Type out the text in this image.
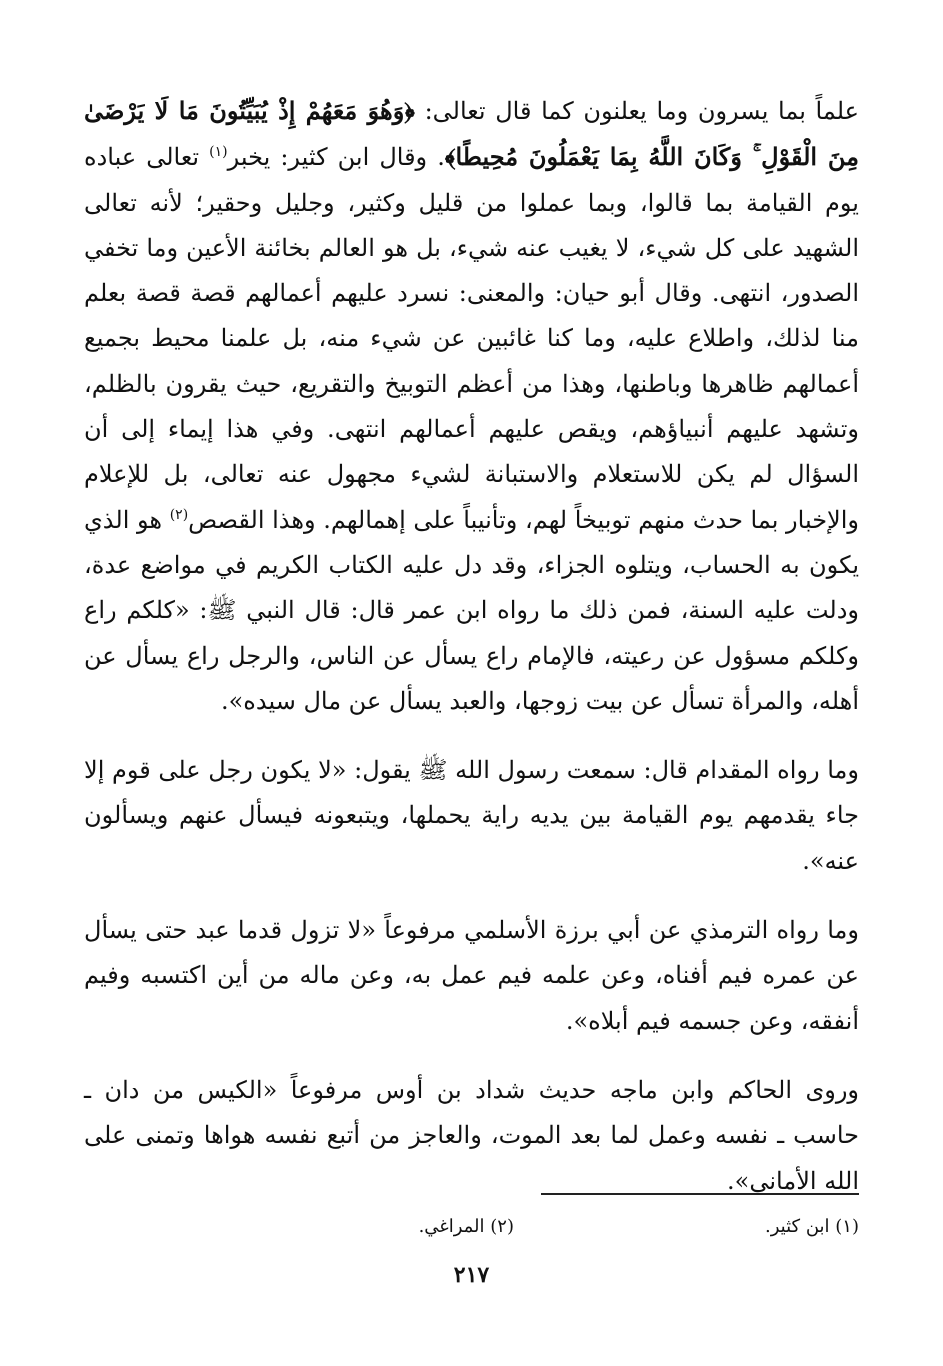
علماً بما يسرون وما يعلنون كما قال تعالى: ﴿وَهُوَ مَعَهُمْ إِذْ يُبَيِّتُونَ مَا لَا يَرْضَىٰ مِنَ الْقَوْلِ ۚ وَكَانَ اللَّهُ بِمَا يَعْمَلُونَ مُحِيطًا﴾. وقال ابن كثير: يخبر$^{(١)}$ تعالى عباده يوم القيامة بما قالوا، وبما عملوا من قليل وكثير، وجليل وحقير؛ لأنه تعالى الشهيد على كل شيء، لا يغيب عنه شيء، بل هو العالم بخائنة الأعين وما تخفي الصدور، انتهى. وقال أبو حيان: والمعنى: نسرد عليهم أعمالهم قصة قصة بعلم منا لذلك، واطلاع عليه، وما كنا غائبين عن شيء منه، بل علمنا محيط بجميع أعمالهم ظاهرها وباطنها، وهذا من أعظم التوبيخ والتقريع، حيث يقرون بالظلم، وتشهد عليهم أنبياؤهم، ويقص عليهم أعمالهم انتهى. وفي هذا إيماء إلى أن السؤال لم يكن للاستعلام والاستبانة لشيء مجهول عنه تعالى، بل للإعلام والإخبار بما حدث منهم توبيخاً لهم، وتأنيباً على إهمالهم. وهذا القصص$^{(٢)}$ هو الذي يكون به الحساب، ويتلوه الجزاء، وقد دل عليه الكتاب الكريم في مواضع عدة، ودلت عليه السنة، فمن ذلك ما رواه ابن عمر قال: قال النبي ﷺ: «كلكم راع وكلكم مسؤول عن رعيته، فالإمام راع يسأل عن الناس، والرجل راع يسأل عن أهله، والمرأة تسأل عن بيت زوجها، والعبد يسأل عن مال سيده».

وما رواه المقدام قال: سمعت رسول الله ﷺ يقول: «لا يكون رجل على قوم إلا جاء يقدمهم يوم القيامة بين يديه راية يحملها، ويتبعونه فيسأل عنهم ويسألون عنه».

وما رواه الترمذي عن أبي برزة الأسلمي مرفوعاً «لا تزول قدما عبد حتى يسأل عن عمره فيم أفناه، وعن علمه فيم عمل به، وعن ماله من أين اكتسبه وفيم أنفقه، وعن جسمه فيم أبلاه».

وروى الحاكم وابن ماجه حديث شداد بن أوس مرفوعاً «الكيس من دان ـ حاسب ـ نفسه وعمل لما بعد الموت، والعاجز من أتبع نفسه هواها وتمنى على الله الأماني».

(١) ابن كثير.
(٢) المراغي.
٢١٧
